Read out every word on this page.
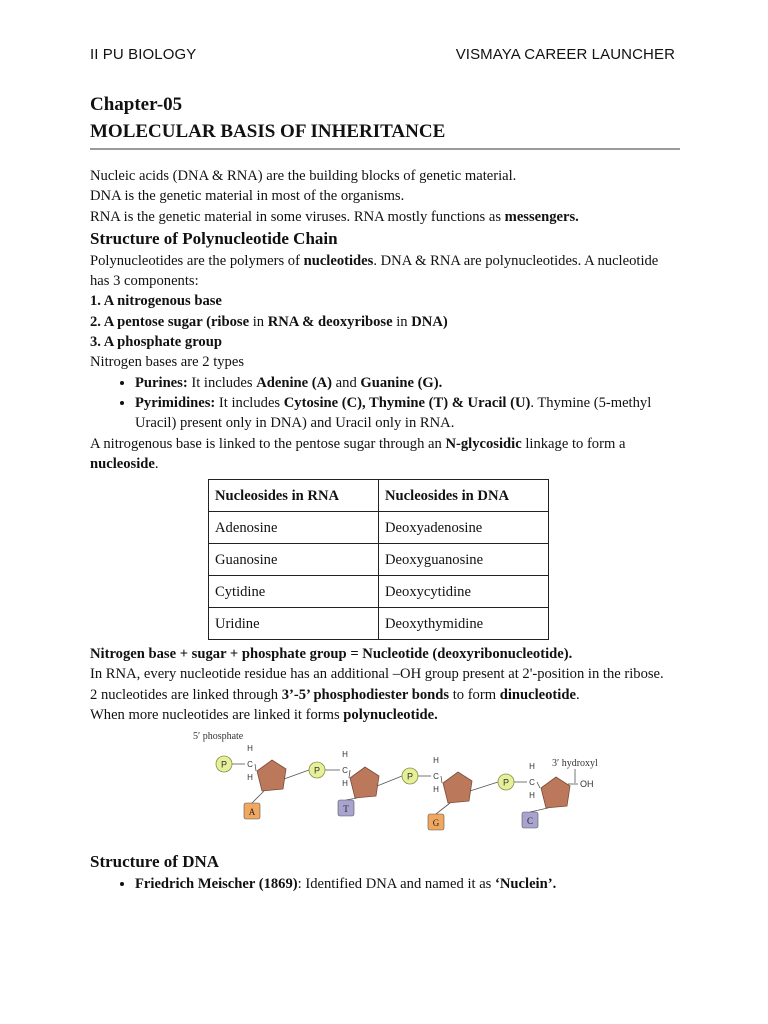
II PU BIOLOGY	VISMAYA CAREER LAUNCHER
Chapter-05
MOLECULAR BASIS OF INHERITANCE

Nucleic acids (DNA & RNA) are the building blocks of genetic material.

DNA is the genetic material in most of the organisms.

RNA is the genetic material in some viruses. RNA mostly functions as messengers.

Structure of Polynucleotide Chain

Polynucleotides are the polymers of nucleotides. DNA & RNA are polynucleotides. A nucleotide has 3 components:

1. A nitrogenous base

2. A pentose sugar (ribose in RNA & deoxyribose in DNA)

3. A phosphate group

Nitrogen bases are 2 types

• Purines: It includes Adenine (A) and Guanine (G).
• Pyrimidines: It includes Cytosine (C), Thymine (T) & Uracil (U). Thymine (5-methyl Uracil) present only in DNA) and Uracil only in RNA.

A nitrogenous base is linked to the pentose sugar through an N-glycosidic linkage to form a nucleoside.

Nucleosides in RNA	Nucleosides in DNA
Adenosine	Deoxyadenosine
Guanosine	Deoxyguanosine
Cytidine	Deoxycytidine
Uridine	Deoxythymidine

Nitrogen base + sugar + phosphate group = Nucleotide (deoxyribonucleotide).

In RNA, every nucleotide residue has an additional –OH group present at 2'-position in the ribose.

2 nucleotides are linked through 3’-5’ phosphodiester bonds to form dinucleotide.

When more nucleotides are linked it forms polynucleotide.

5′ phosphate
3′ hydroxyl
P
H
C
H
A
P
H
C
H
T
P
H
C
H
G
P
H
C
H
C
OH
Structure of DNA
• Friedrich Meischer (1869): Identified DNA and named it as ‘Nuclein’.
